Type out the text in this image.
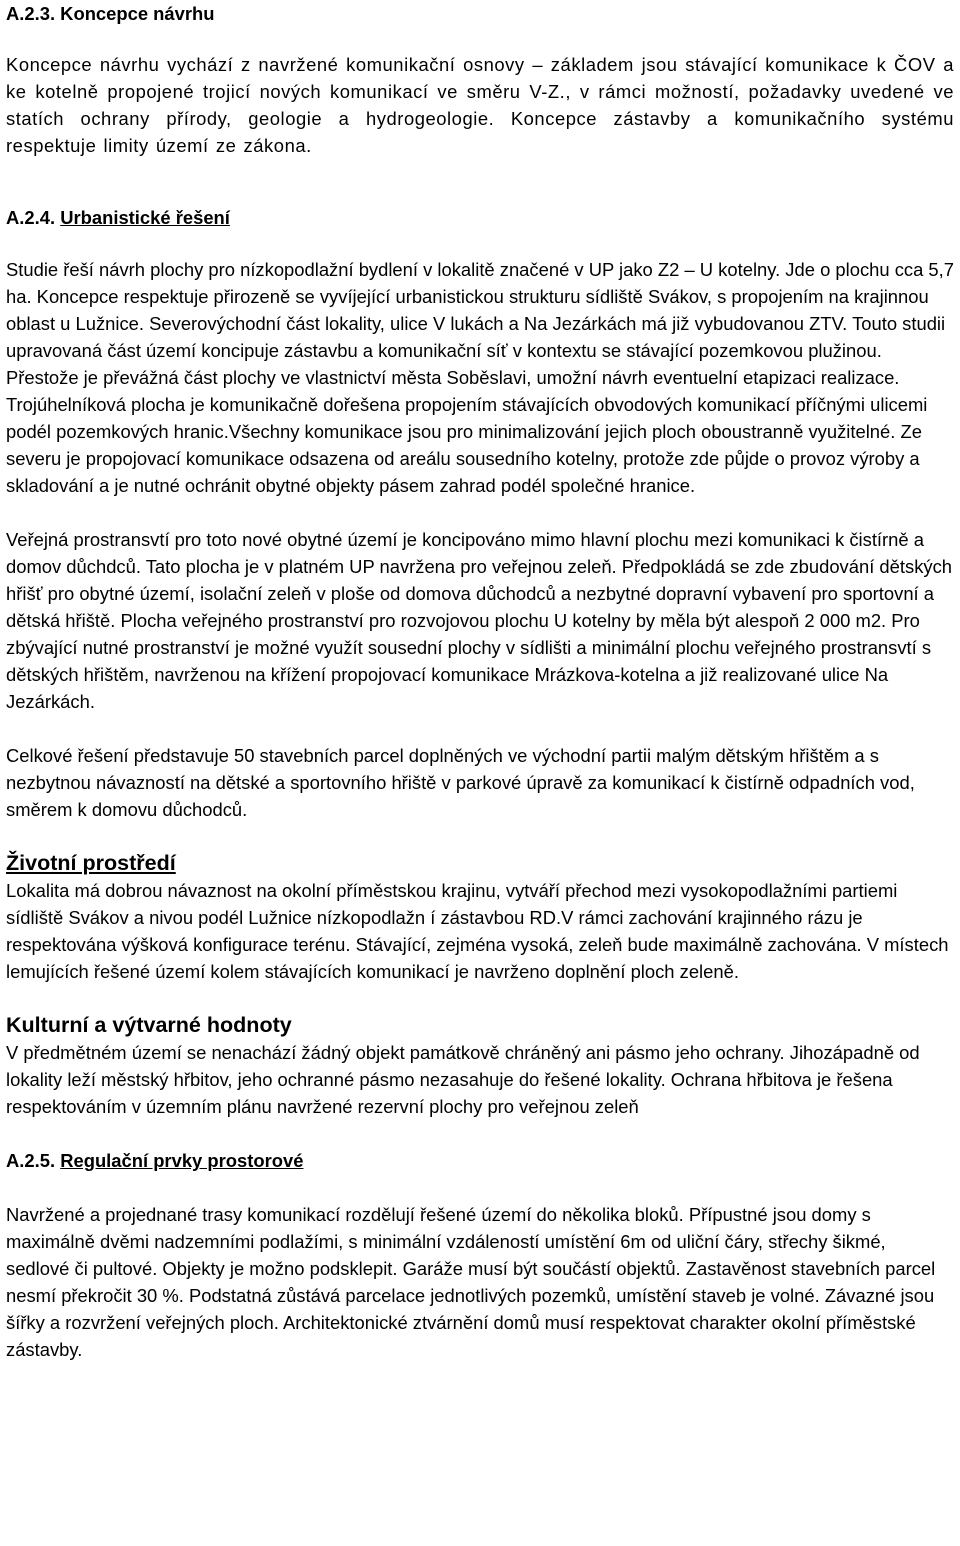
A.2.3. Koncepce návrhu

Koncepce návrhu vychází z navržené komunikační osnovy – základem jsou stávající komunikace k ČOV a ke kotelně propojené trojicí nových komunikací ve směru V-Z., v rámci možností, požadavky uvedené ve statích ochrany přírody, geologie a hydrogeologie. Koncepce zástavby a komunikačního systému respektuje limity území ze zákona.

A.2.4. Urbanistické řešení

Studie řeší návrh plochy pro nízkopodlažní bydlení v lokalitě značené v UP jako Z2 – U kotelny. Jde o plochu cca 5,7 ha. Koncepce respektuje přirozeně se vyvíjející urbanistickou strukturu sídliště Svákov, s propojením na krajinnou oblast u Lužnice. Severovýchodní část lokality, ulice V lukách a Na Jezárkách má již vybudovanou ZTV. Touto studii upravovaná část území koncipuje zástavbu a komunikační síť v kontextu se stávající pozemkovou plužinou. Přestože je převážná část plochy ve vlastnictví města Soběslavi, umožní návrh eventuelní etapizaci realizace. Trojúhelníková plocha je komunikačně dořešena propojením stávajících obvodových komunikací příčnými ulicemi podél pozemkových hranic.Všechny komunikace jsou pro minimalizování jejich ploch oboustranně využitelné. Ze severu je propojovací komunikace odsazena od areálu sousedního kotelny, protože zde půjde o provoz výroby a skladování a je nutné ochránit obytné objekty pásem zahrad podél společné hranice.

Veřejná prostransvtí pro toto nové obytné území je koncipováno mimo hlavní plochu mezi komunikaci k čistírně a domov důchdců. Tato plocha je v platném UP navržena pro veřejnou zeleň. Předpokládá se zde zbudování dětských hřišť pro obytné území, isolační zeleň v ploše od domova důchodců a nezbytné dopravní vybavení pro sportovní a dětská hřiště. Plocha veřejného prostranství pro rozvojovou plochu U kotelny by měla být alespoň 2 000 m2. Pro zbývající nutné prostranství je možné využít sousední plochy v sídlišti a minimální plochu veřejného prostransvtí s dětských hřištěm, navrženou na křížení propojovací komunikace Mrázkova-kotelna a již realizované ulice Na Jezárkách.

Celkové řešení představuje 50 stavebních parcel doplněných ve východní partii malým dětským hřištěm a s nezbytnou návazností na dětské a sportovního hřiště v parkové úpravě za komunikací k čistírně odpadních vod, směrem k domovu důchodců.

Životní prostředí

Lokalita má dobrou návaznost na okolní příměstskou krajinu, vytváří přechod mezi vysokopodlažními partiemi sídliště Svákov a nivou podél Lužnice nízkopodlažn í zástavbou RD.V rámci zachování krajinného rázu je respektována výšková konfigurace terénu. Stávající, zejména vysoká, zeleň bude maximálně zachována. V místech lemujících řešené území kolem stávajících komunikací je navrženo doplnění ploch zeleně.

Kulturní a výtvarné hodnoty

V předmětném území se nenachází žádný objekt památkově chráněný ani pásmo jeho ochrany. Jihozápadně od lokality leží městský hřbitov, jeho ochranné pásmo nezasahuje do řešené lokality. Ochrana hřbitova je řešena respektováním v územním plánu navržené rezervní plochy pro veřejnou zeleň

A.2.5. Regulační prvky prostorové

Navržené a projednané trasy komunikací rozdělují řešené území do několika bloků. Přípustné jsou domy s maximálně dvěmi nadzemními podlažími, s minimální vzdáleností umístění 6m od uliční čáry, střechy šikmé, sedlové či pultové. Objekty je možno podsklepit. Garáže musí být součástí objektů. Zastavěnost stavebních parcel nesmí překročit 30 %. Podstatná zůstává parcelace jednotlivých pozemků, umístění staveb je volné. Závazné jsou šířky a rozvržení veřejných ploch. Architektonické ztvárnění domů musí respektovat charakter okolní příměstské zástavby.
